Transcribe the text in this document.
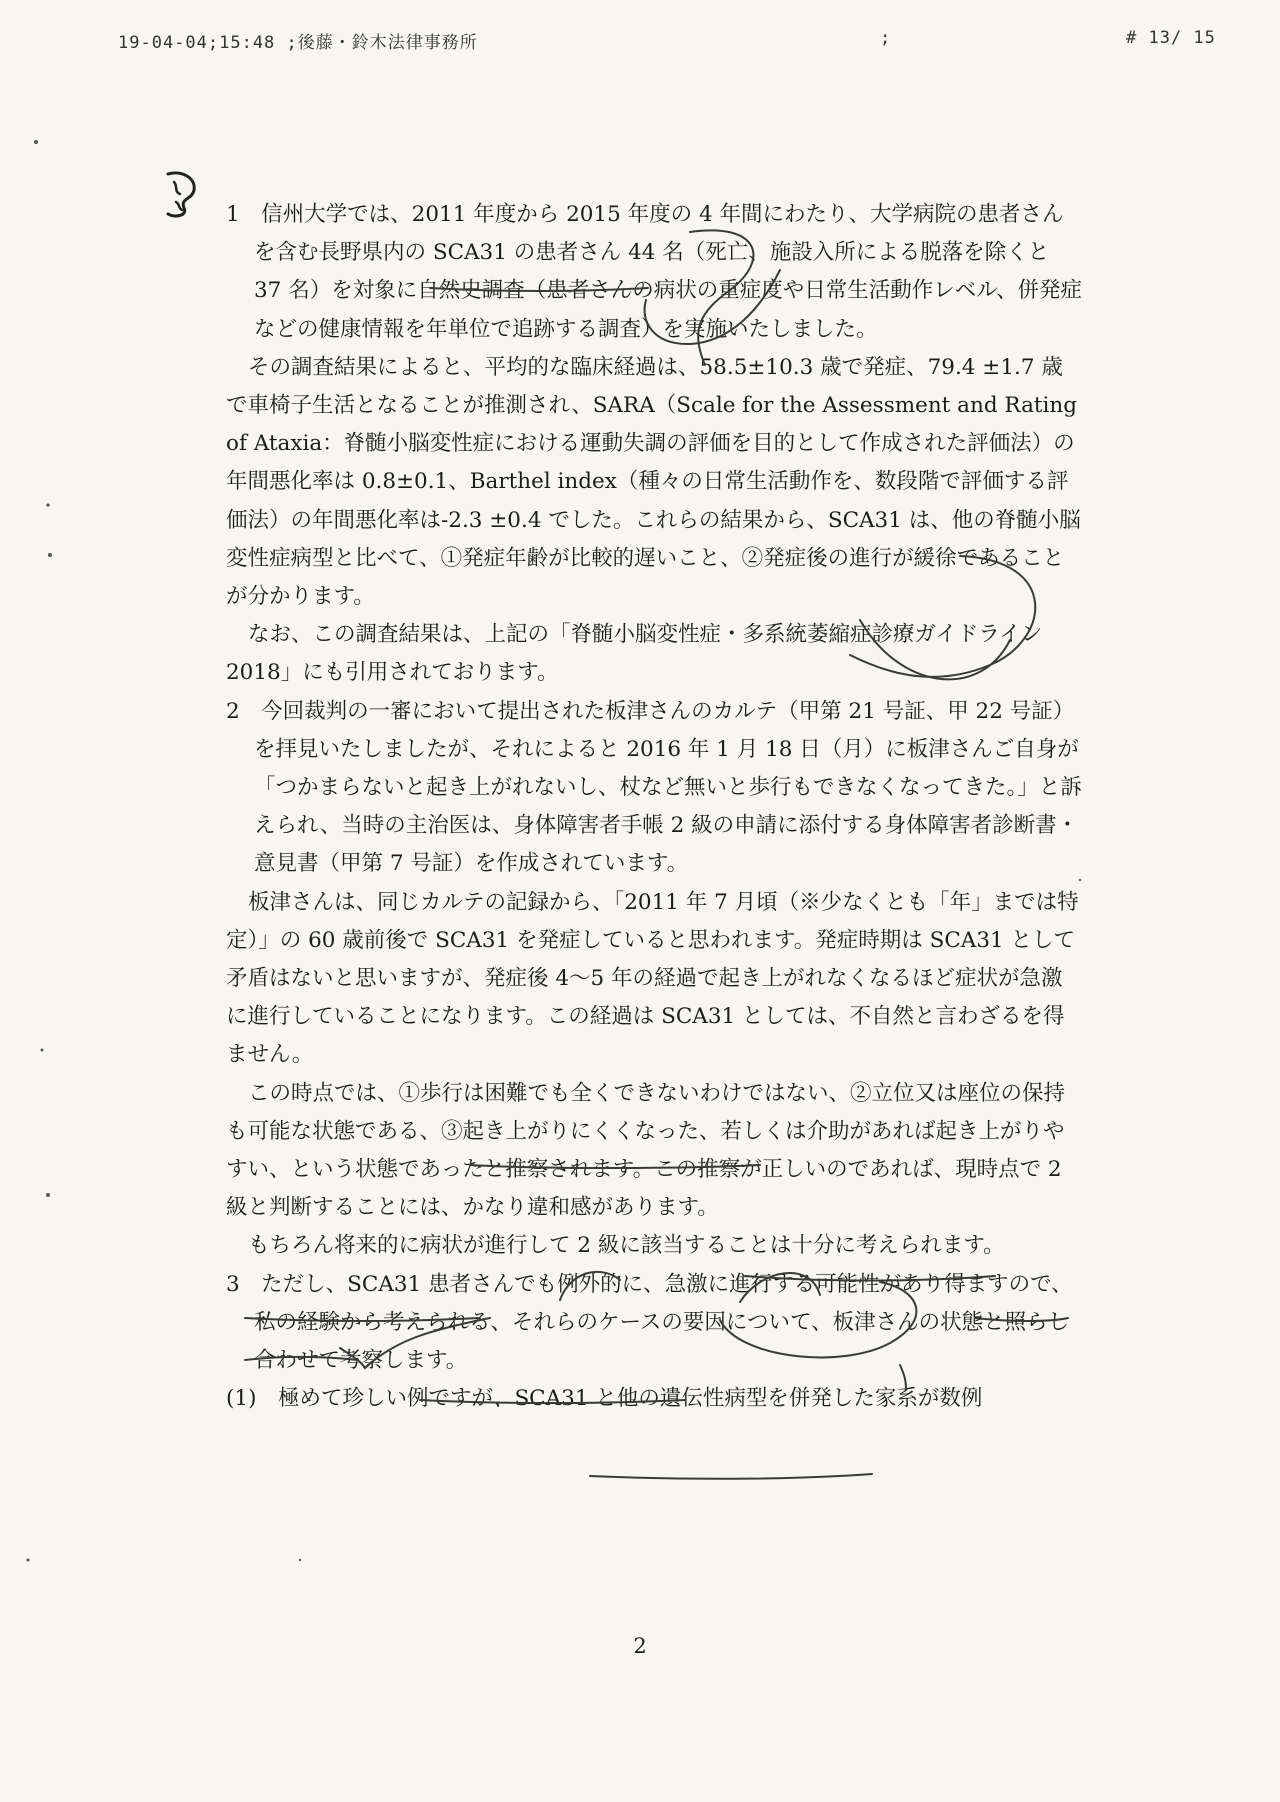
19-04-04;15:48 ;後藤・鈴木法律事務所	;	# 13/ 15

1　信州大学では、2011 年度から 2015 年度の 4 年間にわたり、大学病院の患者さんを含む長野県内の SCA31 の患者さん 44 名（死亡、施設入所による脱落を除くと 37 名）を対象に自然史調査（患者さんの病状の重症度や日常生活動作レベル、併発症などの健康情報を年単位で追跡する調査）を実施いたしました。

その調査結果によると、平均的な臨床経過は、58.5±10.3 歳で発症、79.4 ±1.7 歳で車椅子生活となることが推測され、SARA（Scale for the Assessment and Rating of Ataxia：脊髄小脳変性症における運動失調の評価を目的として作成された評価法）の年間悪化率は 0.8±0.1、Barthel index（種々の日常生活動作を、数段階で評価する評価法）の年間悪化率は-2.3 ±0.4 でした。これらの結果から、SCA31 は、他の脊髄小脳変性症病型と比べて、①発症年齢が比較的遅いこと、②発症後の進行が緩徐であることが分かります。

なお、この調査結果は、上記の「脊髄小脳変性症・多系統萎縮症診療ガイドライン 2018」にも引用されております。

2　今回裁判の一審において提出された板津さんのカルテ（甲第 21 号証、甲 22 号証）を拝見いたしましたが、それによると 2016 年 1 月 18 日（月）に板津さんご自身が「つかまらないと起き上がれないし、杖など無いと歩行もできなくなってきた。」と訴えられ、当時の主治医は、身体障害者手帳 2 級の申請に添付する身体障害者診断書・意見書（甲第 7 号証）を作成されています。

板津さんは、同じカルテの記録から、「2011 年 7 月頃（※少なくとも「年」までは特定）」の 60 歳前後で SCA31 を発症していると思われます。発症時期は SCA31 として矛盾はないと思いますが、発症後 4～5 年の経過で起き上がれなくなるほど症状が急激に進行していることになります。この経過は SCA31 としては、不自然と言わざるを得ません。

この時点では、①歩行は困難でも全くできないわけではない、②立位又は座位の保持も可能な状態である、③起き上がりにくくなった、若しくは介助があれば起き上がりやすい、という状態であったと推察されます。この推察が正しいのであれば、現時点で 2 級と判断することには、かなり違和感があります。

もちろん将来的に病状が進行して 2 級に該当することは十分に考えられます。

3　ただし、SCA31 患者さんでも例外的に、急激に進行する可能性があり得ますので、私の経験から考えられる、それらのケースの要因について、板津さんの状態と照らし合わせて考察します。

(1)　極めて珍しい例ですが、SCA31 と他の遺伝性病型を併発した家系が数例

2
